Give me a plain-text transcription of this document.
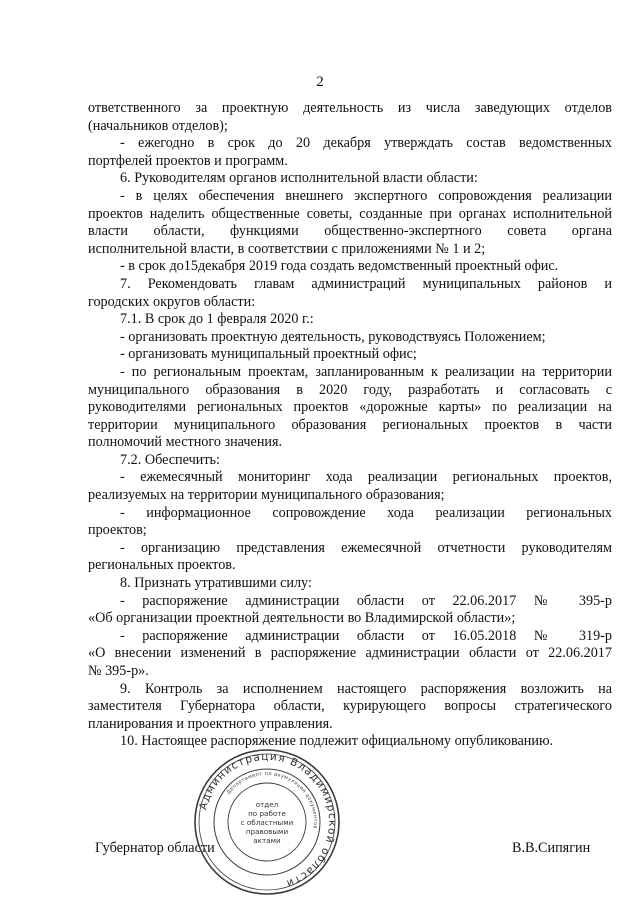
2
ответственного за проектную деятельность из числа заведующих отделов
(начальников отделов);
- ежегодно в срок до 20 декабря утверждать состав ведомственных
портфелей проектов и программ.
6. Руководителям органов исполнительной власти области:
- в целях обеспечения внешнего экспертного сопровождения реализации
проектов наделить общественные советы, созданные при органах исполнительной
власти области, функциями общественно-экспертного совета органа
исполнительной власти, в соответствии с приложениями № 1 и 2;
- в срок до15декабря 2019 года создать ведомственный проектный офис.
7. Рекомендовать главам администраций муниципальных районов и
городских округов области:
7.1. В срок до 1 февраля 2020 г.:
- организовать проектную деятельность, руководствуясь Положением;
- организовать муниципальный проектный офис;
- по региональным проектам, запланированным к реализации на территории
муниципального образования в 2020 году, разработать и согласовать с
руководителями региональных проектов «дорожные карты» по реализации на
территории муниципального образования региональных проектов в части
полномочий местного значения.
7.2. Обеспечить:
- ежемесячный мониторинг хода реализации региональных проектов,
реализуемых на территории муниципального образования;
- информационное сопровождение хода реализации региональных
проектов;
- организацию представления ежемесячной отчетности руководителям
региональных проектов.
8. Признать утратившими силу:
- распоряжение администрации области от 22.06.2017 № 395-р
«Об организации проектной деятельности во Владимирской области»;
- распоряжение администрации области от 16.05.2018 № 319-р
«О внесении изменений в распоряжение администрации области от 22.06.2017
№ 395-р».
9. Контроль за исполнением настоящего распоряжения возложить на
заместителя Губернатора области, курирующего вопросы стратегического
планирования и проектного управления.
10. Настоящее распоряжение подлежит официальному опубликованию.
Губернатор области	В.В.Сипягин
Администрация Владимирской области
Департамент по акумуляции документов
отдел
по работе
с областными
правовыми
актами
